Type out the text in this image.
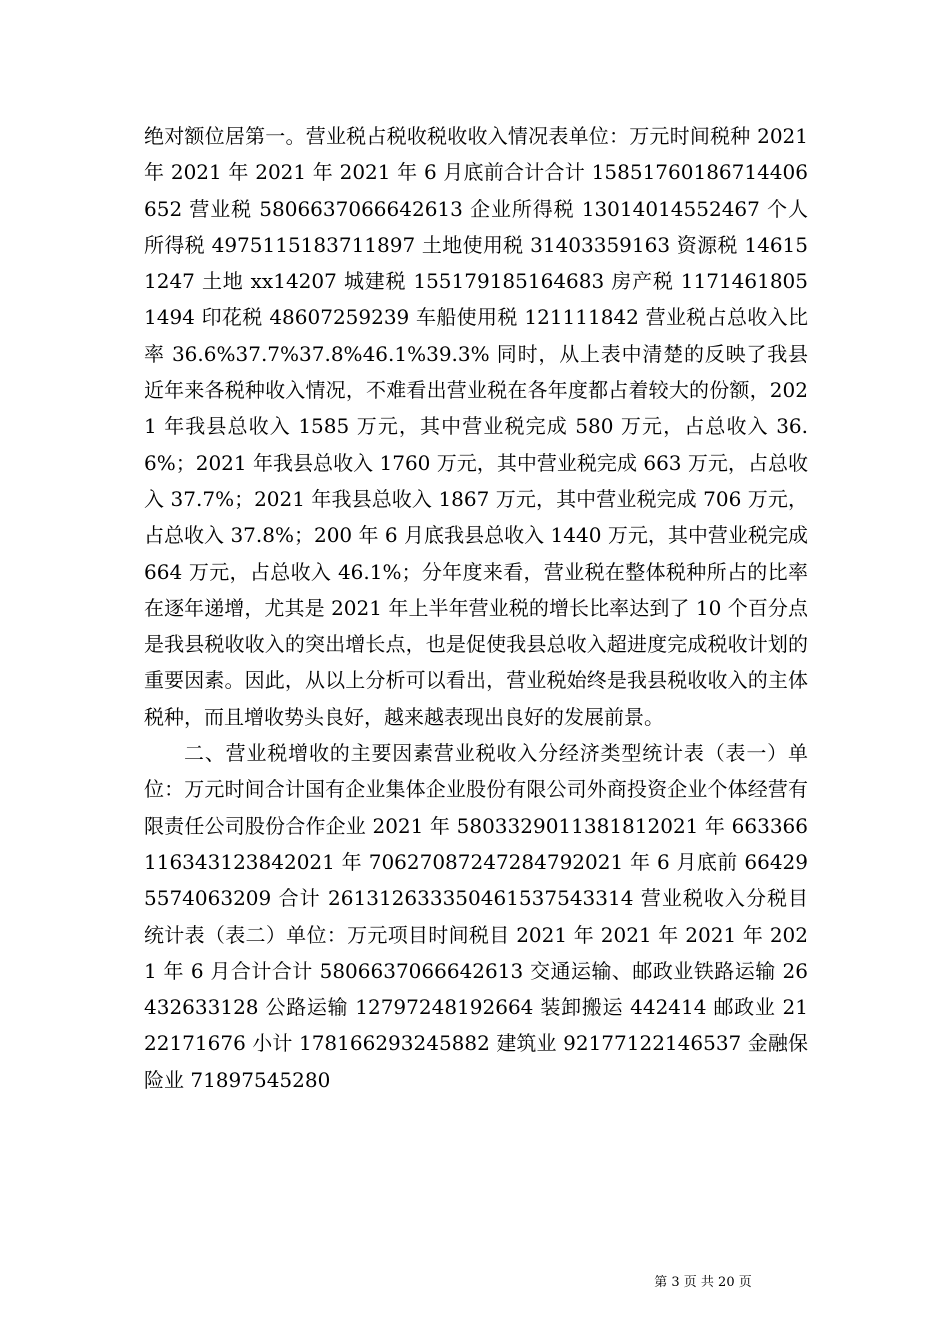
绝对额位居第一。营业税占税收税收收入情况表单位：万元时间税种 2021 年 2021 年 2021 年 2021 年 6 月底前合计合计 1585176018671440665​2 营业税 5806637066642613 企业所得税 13014014552467 个人所得税 4975115183711897 土地使用税 31403359163 资源税 146151247 土地 xx14207 城建税 155179185164683 房产税 11714618051494 印花税 48607259239 车船使用税 121111842 营业税占总收入比率 36.6%37.7%37.8%46.1%39.3% 同时，从上表中清楚的反映了我县近年来各税种收入情况，不难看出营业税在各年度都占着较大的份额，2021 年我县总收入 1585 万元，其中营业税完成 580 万元，占总收入 36.6%；2021 年我县总收入 1760 万元，其中营业税完成 663 万元，占总收入 37.7%；2021 年我县总收入 1867 万元，其中营业税完成 706 万元，占总收入 37.8%；200 年 6 月底我县总收入 1440 万元，其中营业税完成 664 万元，占总收入 46.1%；分年度来看，营业税在整体税种所占的比率在逐年递增，尤其是 2021 年上半年营业税的增长比率达到了 10 个百分点是我县税收收入的突出增长点，也是促使我县总收入超进度完成税收计划的重要因素。因此，从以上分析可以看出，营业税始终是我县税收收入的主体税种，而且增收势头良好，越来越表现出良好的发展前景。

二、营业税增收的主要因素营业税收入分经济类型统计表（表一）单位：万元时间合计国有企业集体企业股份有限公司外商投资企业个体经营有限责任公司股份合作企业 2021 年 5803329011381812021 年 6633661163431238420​21 年 7062708724728479202​1 年 6 月底前 664295574063209 合计 26131263335046153754​3314 营业税收入分税目统计表（表二）单位：万元项目时间税目 2021 年 2021 年 2021 年 2021 年 6 月合计合计 5806637066642613 交通运输、邮政业铁路运输 26432633128 公路运输 12797248192664 装卸搬运 442414 邮政业 2122171676 小计 178166293245882 建筑业 92177122146537 金融保险业 71897545280

第 3 页 共 20 页
